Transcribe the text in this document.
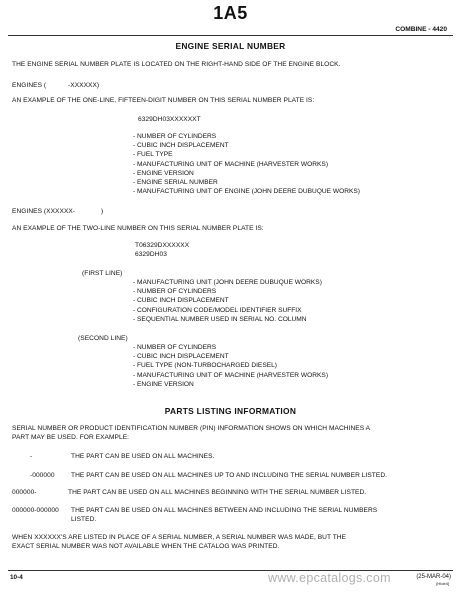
1A5
COMBINE - 4420
ENGINE SERIAL NUMBER
THE ENGINE SERIAL NUMBER PLATE IS LOCATED ON THE RIGHT-HAND SIDE OF THE ENGINE BLOCK.
ENGINES (	-XXXXXX)
AN EXAMPLE OF THE ONE-LINE, FIFTEEN-DIGIT NUMBER ON THIS SERIAL NUMBER PLATE IS:
6329DH03XXXXXXT
- NUMBER OF CYLINDERS
- CUBIC INCH DISPLACEMENT
- FUEL TYPE
- MANUFACTURING UNIT OF MACHINE (HARVESTER WORKS)
- ENGINE VERSION
- ENGINE SERIAL NUMBER
- MANUFACTURING UNIT OF ENGINE (JOHN DEERE DUBUQUE WORKS)
ENGINES (XXXXXX-	)
AN EXAMPLE OF THE TWO-LINE NUMBER ON THIS SERIAL NUMBER PLATE IS:
T06329DXXXXXX
6329DH03
(FIRST LINE)
- MANUFACTURING UNIT (JOHN DEERE DUBUQUE WORKS)
- NUMBER OF CYLINDERS
- CUBIC INCH DISPLACEMENT
- CONFIGURATION CODE/MODEL IDENTIFIER SUFFIX
- SEQUENTIAL NUMBER USED IN SERIAL NO. COLUMN
(SECOND LINE)
- NUMBER OF CYLINDERS
- CUBIC INCH DISPLACEMENT
- FUEL TYPE (NON-TURBOCHARGED DIESEL)
- MANUFACTURING UNIT OF MACHINE (HARVESTER WORKS)
- ENGINE VERSION
PARTS LISTING INFORMATION
SERIAL NUMBER OR PRODUCT IDENTIFICATION NUMBER (PIN) INFORMATION SHOWS ON WHICH MACHINES A
PART MAY BE USED. FOR EXAMPLE:
-	THE PART CAN BE USED ON ALL MACHINES.
-000000 THE PART CAN BE USED ON ALL MACHINES UP TO AND INCLUDING THE SERIAL NUMBER LISTED.
000000-	THE PART CAN BE USED ON ALL MACHINES BEGINNING WITH THE SERIAL NUMBER LISTED.
000000-000000 THE PART CAN BE USED ON ALL MACHINES BETWEEN AND INCLUDING THE SERIAL NUMBERS
LISTED.
WHEN XXXXXX'S ARE LISTED IN PLACE OF A SERIAL NUMBER, A SERIAL NUMBER WAS MADE, BUT THE
EXACT SERIAL NUMBER WAS NOT AVAILABLE WHEN THE CATALOG WAS PRINTED.
10-4	www.epcatalogs.com	(25-MAR-04)
[Hloe4]
